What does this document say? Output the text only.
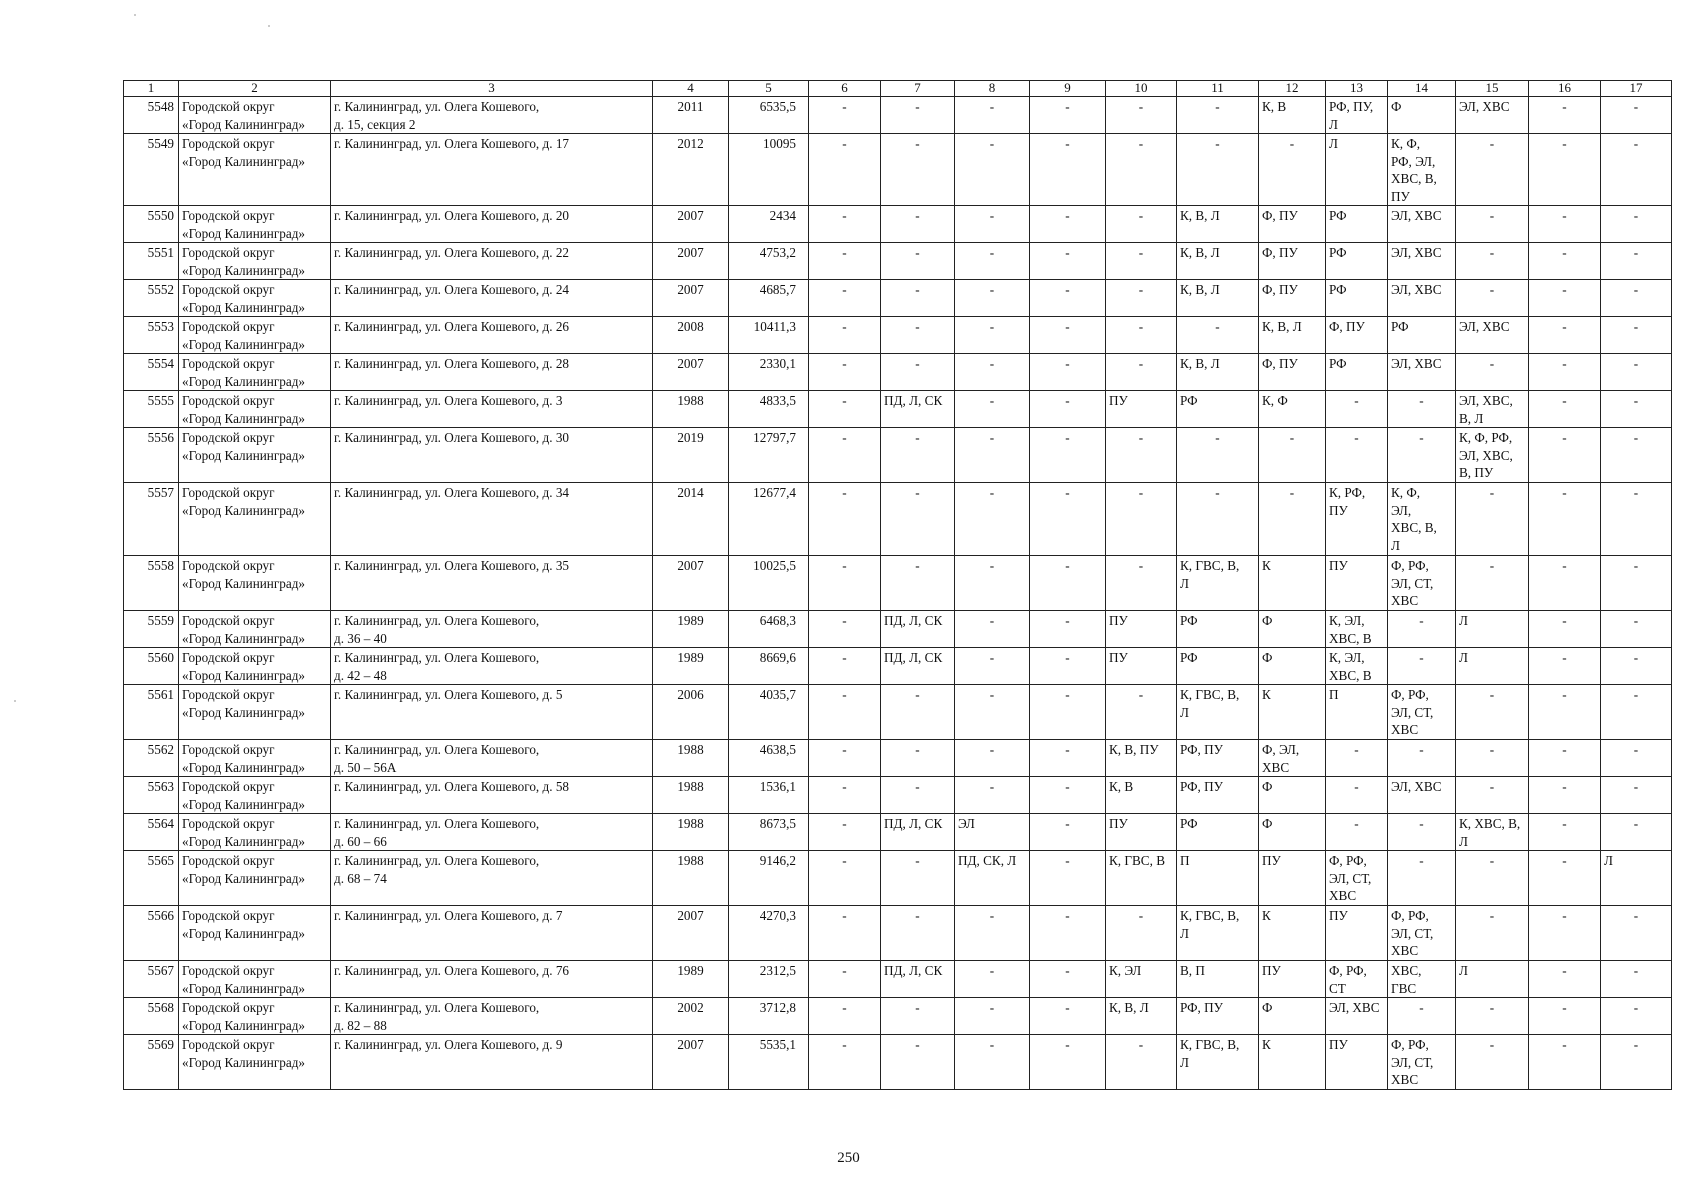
1	2	3	4	5	6	7	8	9	10	11	12	13	14	15	16	17
5548	Городской округ
«Город Калининград»	г. Калининград, ул. Олега Кошевого,
д. 15, секция 2	2011	6535,5	-	-	-	-	-	-	К, В	РФ, ПУ,
Л	Ф	ЭЛ, ХВС	-	-
5549	Городской округ
«Город Калининград»	г. Калининград, ул. Олега Кошевого, д. 17	2012	10095	-	-	-	-	-	-	-	Л	К, Ф,
РФ, ЭЛ,
ХВС, В,
ПУ	-	-	-
5550	Городской округ
«Город Калининград»	г. Калининград, ул. Олега Кошевого, д. 20	2007	2434	-	-	-	-	-	К, В, Л	Ф, ПУ	РФ	ЭЛ, ХВС	-	-	-
5551	Городской округ
«Город Калининград»	г. Калининград, ул. Олега Кошевого, д. 22	2007	4753,2	-	-	-	-	-	К, В, Л	Ф, ПУ	РФ	ЭЛ, ХВС	-	-	-
5552	Городской округ
«Город Калининград»	г. Калининград, ул. Олега Кошевого, д. 24	2007	4685,7	-	-	-	-	-	К, В, Л	Ф, ПУ	РФ	ЭЛ, ХВС	-	-	-
5553	Городской округ
«Город Калининград»	г. Калининград, ул. Олега Кошевого, д. 26	2008	10411,3	-	-	-	-	-	-	К, В, Л	Ф, ПУ	РФ	ЭЛ, ХВС	-	-
5554	Городской округ
«Город Калининград»	г. Калининград, ул. Олега Кошевого, д. 28	2007	2330,1	-	-	-	-	-	К, В, Л	Ф, ПУ	РФ	ЭЛ, ХВС	-	-	-
5555	Городской округ
«Город Калининград»	г. Калининград, ул. Олега Кошевого, д. 3	1988	4833,5	-	ПД, Л, СК	-	-	ПУ	РФ	К, Ф	-	-	ЭЛ, ХВС,
В, Л	-	-
5556	Городской округ
«Город Калининград»	г. Калининград, ул. Олега Кошевого, д. 30	2019	12797,7	-	-	-	-	-	-	-	-	-	К, Ф, РФ,
ЭЛ, ХВС,
В, ПУ	-	-
5557	Городской округ
«Город Калининград»	г. Калининград, ул. Олега Кошевого, д. 34	2014	12677,4	-	-	-	-	-	-	-	К, РФ,
ПУ	К, Ф,
ЭЛ,
ХВС, В,
Л	-	-	-
5558	Городской округ
«Город Калининград»	г. Калининград, ул. Олега Кошевого, д. 35	2007	10025,5	-	-	-	-	-	К, ГВС, В,
Л	К	ПУ	Ф, РФ,
ЭЛ, СТ,
ХВС	-	-	-
5559	Городской округ
«Город Калининград»	г. Калининград, ул. Олега Кошевого,
д. 36 – 40	1989	6468,3	-	ПД, Л, СК	-	-	ПУ	РФ	Ф	К, ЭЛ,
ХВС, В	-	Л	-	-
5560	Городской округ
«Город Калининград»	г. Калининград, ул. Олега Кошевого,
д. 42 – 48	1989	8669,6	-	ПД, Л, СК	-	-	ПУ	РФ	Ф	К, ЭЛ,
ХВС, В	-	Л	-	-
5561	Городской округ
«Город Калининград»	г. Калининград, ул. Олега Кошевого, д. 5	2006	4035,7	-	-	-	-	-	К, ГВС, В,
Л	К	П	Ф, РФ,
ЭЛ, СТ,
ХВС	-	-	-
5562	Городской округ
«Город Калининград»	г. Калининград, ул. Олега Кошевого,
д. 50 – 56А	1988	4638,5	-	-	-	-	К, В, ПУ	РФ, ПУ	Ф, ЭЛ,
ХВС	-	-	-	-	-
5563	Городской округ
«Город Калининград»	г. Калининград, ул. Олега Кошевого, д. 58	1988	1536,1	-	-	-	-	К, В	РФ, ПУ	Ф	-	ЭЛ, ХВС	-	-	-
5564	Городской округ
«Город Калининград»	г. Калининград, ул. Олега Кошевого,
д. 60 – 66	1988	8673,5	-	ПД, Л, СК	ЭЛ	-	ПУ	РФ	Ф	-	-	К, ХВС, В,
Л	-	-
5565	Городской округ
«Город Калининград»	г. Калининград, ул. Олега Кошевого,
д. 68 – 74	1988	9146,2	-	-	ПД, СК, Л	-	К, ГВС, В	П	ПУ	Ф, РФ,
ЭЛ, СТ,
ХВС	-	-	-	Л
5566	Городской округ
«Город Калининград»	г. Калининград, ул. Олега Кошевого, д. 7	2007	4270,3	-	-	-	-	-	К, ГВС, В,
Л	К	ПУ	Ф, РФ,
ЭЛ, СТ,
ХВС	-	-	-
5567	Городской округ
«Город Калининград»	г. Калининград, ул. Олега Кошевого, д. 76	1989	2312,5	-	ПД, Л, СК	-	-	К, ЭЛ	В, П	ПУ	Ф, РФ,
СТ	ХВС,
ГВС	Л	-	-
5568	Городской округ
«Город Калининград»	г. Калининград, ул. Олега Кошевого,
д. 82 – 88	2002	3712,8	-	-	-	-	К, В, Л	РФ, ПУ	Ф	ЭЛ, ХВС	-	-	-	-
5569	Городской округ
«Город Калининград»	г. Калининград, ул. Олега Кошевого, д. 9	2007	5535,1	-	-	-	-	-	К, ГВС, В,
Л	К	ПУ	Ф, РФ,
ЭЛ, СТ,
ХВС	-	-	-
250
